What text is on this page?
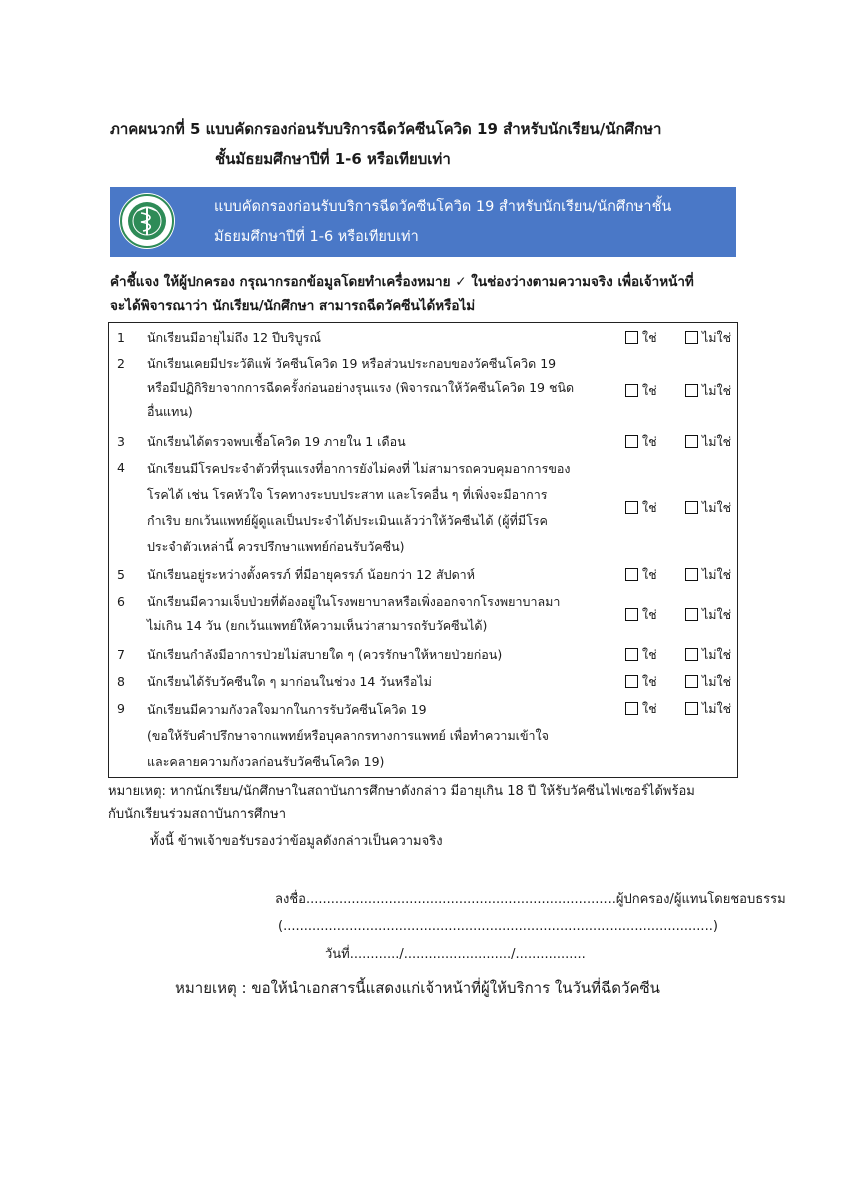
ภาคผนวกที่ 5 แบบคัดกรองก่อนรับบริการฉีดวัคซีนโควิด 19 สำหรับนักเรียน/นักศึกษา
ชั้นมัธยมศึกษาปีที่ 1-6 หรือเทียบเท่า
แบบคัดกรองก่อนรับบริการฉีดวัคซีนโควิด 19 สำหรับนักเรียน/นักศึกษาชั้น
มัธยมศึกษาปีที่ 1-6 หรือเทียบเท่า
คำชี้แจง ให้ผู้ปกครอง กรุณากรอกข้อมูลโดยทำเครื่องหมาย ✓ ในช่องว่างตามความจริง เพื่อเจ้าหน้าที่
จะได้พิจารณาว่า นักเรียน/นักศึกษา สามารถฉีดวัคซีนได้หรือไม่
1	นักเรียนมีอายุไม่ถึง 12 ปีบริบูรณ์	ใช่	ไม่ใช่
2	นักเรียนเคยมีประวัติแพ้ วัคซีนโควิด 19 หรือส่วนประกอบของวัคซีนโควิด 19
หรือมีปฏิกิริยาจากการฉีดครั้งก่อนอย่างรุนแรง (พิจารณาให้วัคซีนโควิด 19 ชนิด
อื่นแทน)
ใช่	ไม่ใช่
3	นักเรียนได้ตรวจพบเชื้อโควิด 19 ภายใน 1 เดือน	ใช่	ไม่ใช่
4	นักเรียนมีโรคประจำตัวที่รุนแรงที่อาการยังไม่คงที่ ไม่สามารถควบคุมอาการของ
โรคได้ เช่น โรคหัวใจ โรคทางระบบประสาท และโรคอื่น ๆ ที่เพิ่งจะมีอาการ
กำเริบ ยกเว้นแพทย์ผู้ดูแลเป็นประจำได้ประเมินแล้วว่าให้วัคซีนได้ (ผู้ที่มีโรค
ประจำตัวเหล่านี้ ควรปรึกษาแพทย์ก่อนรับวัคซีน)
ใช่	ไม่ใช่
5	นักเรียนอยู่ระหว่างตั้งครรภ์ ที่มีอายุครรภ์ น้อยกว่า 12 สัปดาห์	ใช่	ไม่ใช่
6	นักเรียนมีความเจ็บป่วยที่ต้องอยู่ในโรงพยาบาลหรือเพิ่งออกจากโรงพยาบาลมา
ไม่เกิน 14 วัน (ยกเว้นแพทย์ให้ความเห็นว่าสามารถรับวัคซีนได้)
ใช่	ไม่ใช่
7	นักเรียนกำลังมีอาการป่วยไม่สบายใด ๆ (ควรรักษาให้หายป่วยก่อน)	ใช่	ไม่ใช่
8	นักเรียนได้รับวัคซีนใด ๆ มาก่อนในช่วง 14 วันหรือไม่	ใช่	ไม่ใช่
9	นักเรียนมีความกังวลใจมากในการรับวัคซีนโควิด 19
(ขอให้รับคำปรึกษาจากแพทย์หรือบุคลากรทางการแพทย์ เพื่อทำความเข้าใจ
และคลายความกังวลก่อนรับวัคซีนโควิด 19)
ใช่	ไม่ใช่
หมายเหตุ: หากนักเรียน/นักศึกษาในสถาบันการศึกษาดังกล่าว มีอายุเกิน 18 ปี ให้รับวัคซีนไฟเซอร์ได้พร้อม
กับนักเรียนร่วมสถาบันการศึกษา
ทั้งนี้ ข้าพเจ้าขอรับรองว่าข้อมูลดังกล่าวเป็นความจริง
ลงชื่อ...........................................................................ผู้ปกครอง/ผู้แทนโดยชอบธรรม
(........................................................................................................)
วันที่............/........................../.................
หมายเหตุ : ขอให้นำเอกสารนี้แสดงแก่เจ้าหน้าที่ผู้ให้บริการ ในวันที่ฉีดวัคซีน
